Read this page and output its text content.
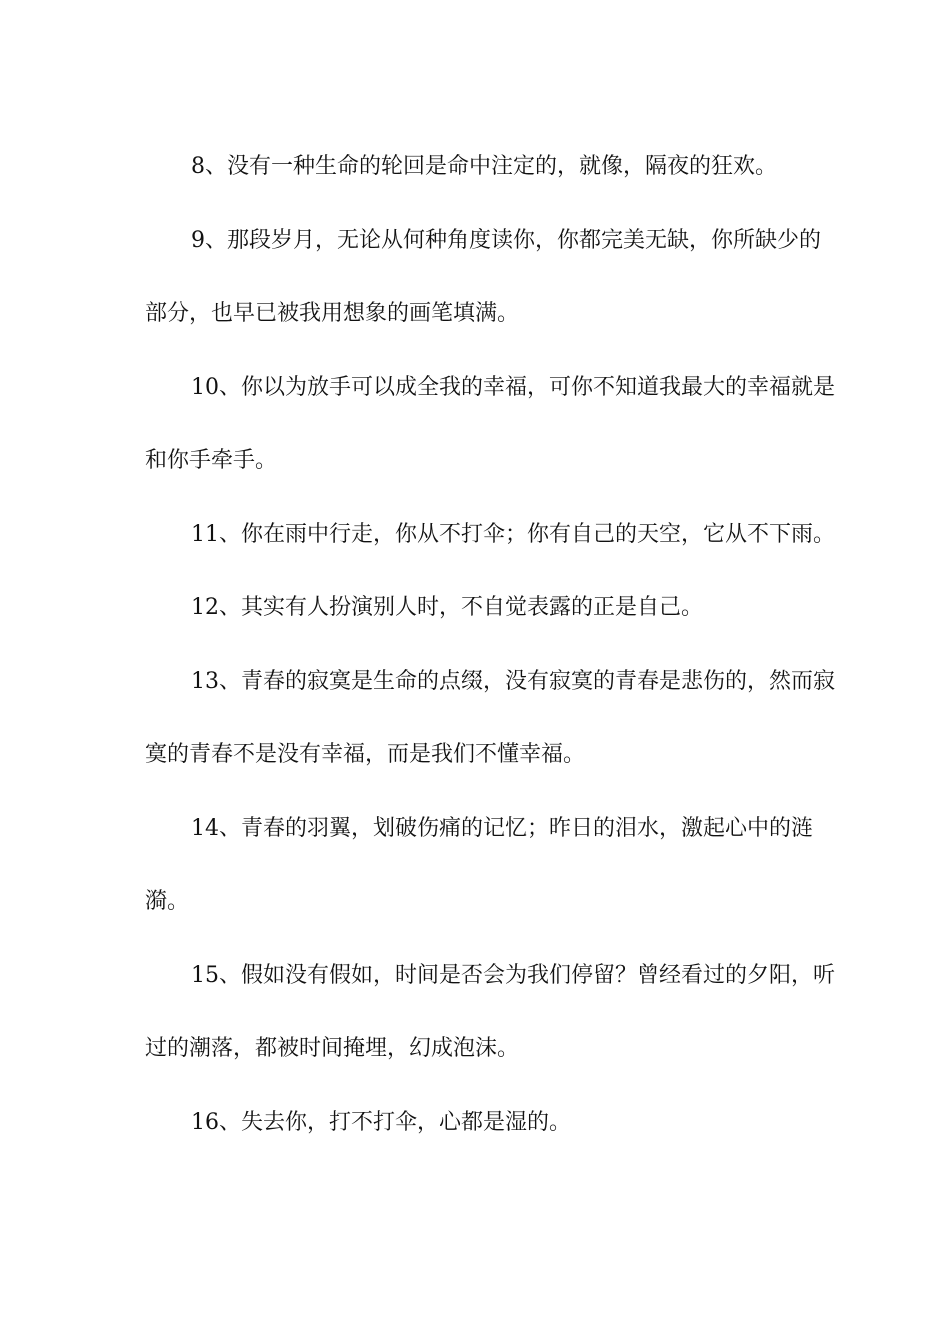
8、没有一种生命的轮回是命中注定的，就像，隔夜的狂欢。

9、那段岁月，无论从何种角度读你，你都完美无缺，你所缺少的部分，也早已被我用想象的画笔填满。

10、你以为放手可以成全我的幸福，可你不知道我最大的幸福就是和你手牵手。

11、你在雨中行走，你从不打伞；你有自己的天空，它从不下雨。

12、其实有人扮演别人时，不自觉表露的正是自己。

13、青春的寂寞是生命的点缀，没有寂寞的青春是悲伤的，然而寂寞的青春不是没有幸福，而是我们不懂幸福。

14、青春的羽翼，划破伤痛的记忆；昨日的泪水，激起心中的涟漪。

15、假如没有假如，时间是否会为我们停留？曾经看过的夕阳，听过的潮落，都被时间掩埋，幻成泡沫。

16、失去你，打不打伞，心都是湿的。
